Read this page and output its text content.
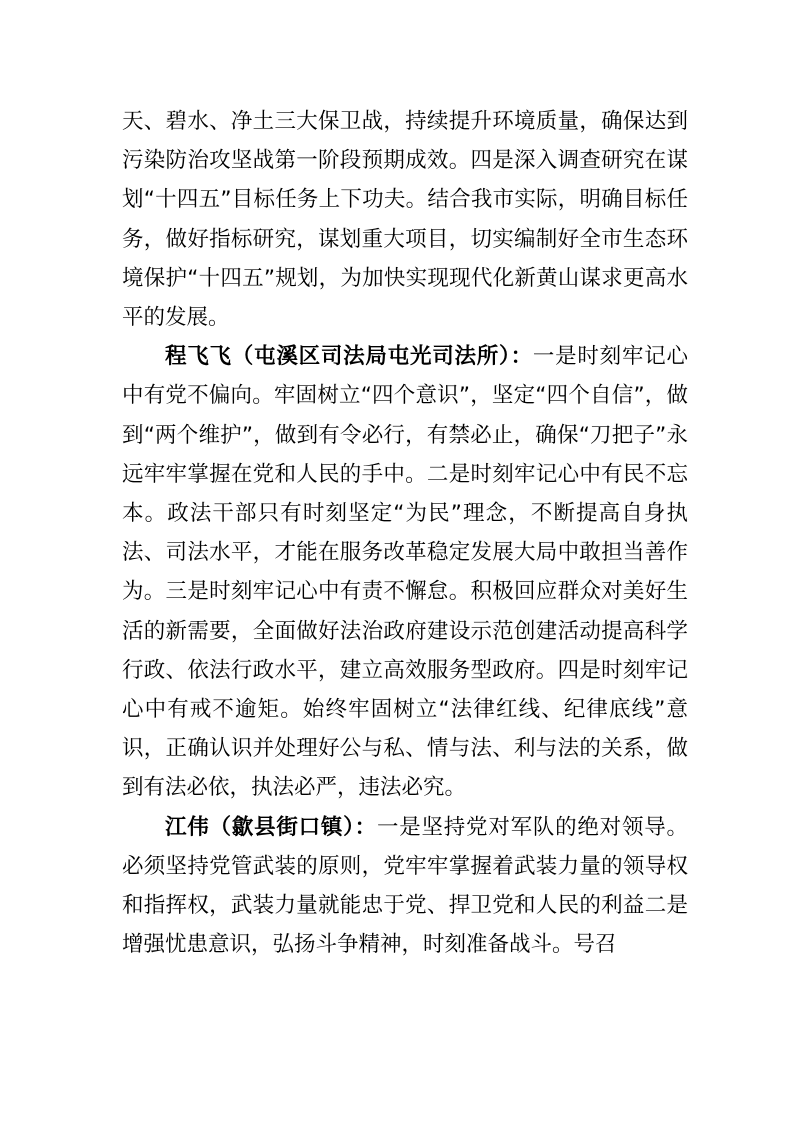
天、碧水、净土三大保卫战，持续提升环境质量，确保达到污染防治攻坚战第一阶段预期成效。四是深入调查研究在谋划“十四五”目标任务上下功夫。结合我市实际，明确目标任务，做好指标研究，谋划重大项目，切实编制好全市生态环境保护“十四五”规划，为加快实现现代化新黄山谋求更高水平的发展。

程飞飞（屯溪区司法局屯光司法所）：一是时刻牢记心中有党不偏向。牢固树立“四个意识”，坚定“四个自信”，做到“两个维护”，做到有令必行，有禁必止，确保“刀把子”永远牢牢掌握在党和人民的手中。二是时刻牢记心中有民不忘本。政法干部只有时刻坚定“为民”理念，不断提高自身执法、司法水平，才能在服务改革稳定发展大局中敢担当善作为。三是时刻牢记心中有责不懈怠。积极回应群众对美好生活的新需要，全面做好法治政府建设示范创建活动提高科学行政、依法行政水平，建立高效服务型政府。四是时刻牢记心中有戒不逾矩。始终牢固树立“法律红线、纪律底线”意识，正确认识并处理好公与私、情与法、利与法的关系，做到有法必依，执法必严，违法必究。

江伟（歙县街口镇）：一是坚持党对军队的绝对领导。必须坚持党管武装的原则，党牢牢掌握着武装力量的领导权和指挥权，武装力量就能忠于党、捍卫党和人民的利益二是增强忧患意识，弘扬斗争精神，时刻准备战斗。号召
